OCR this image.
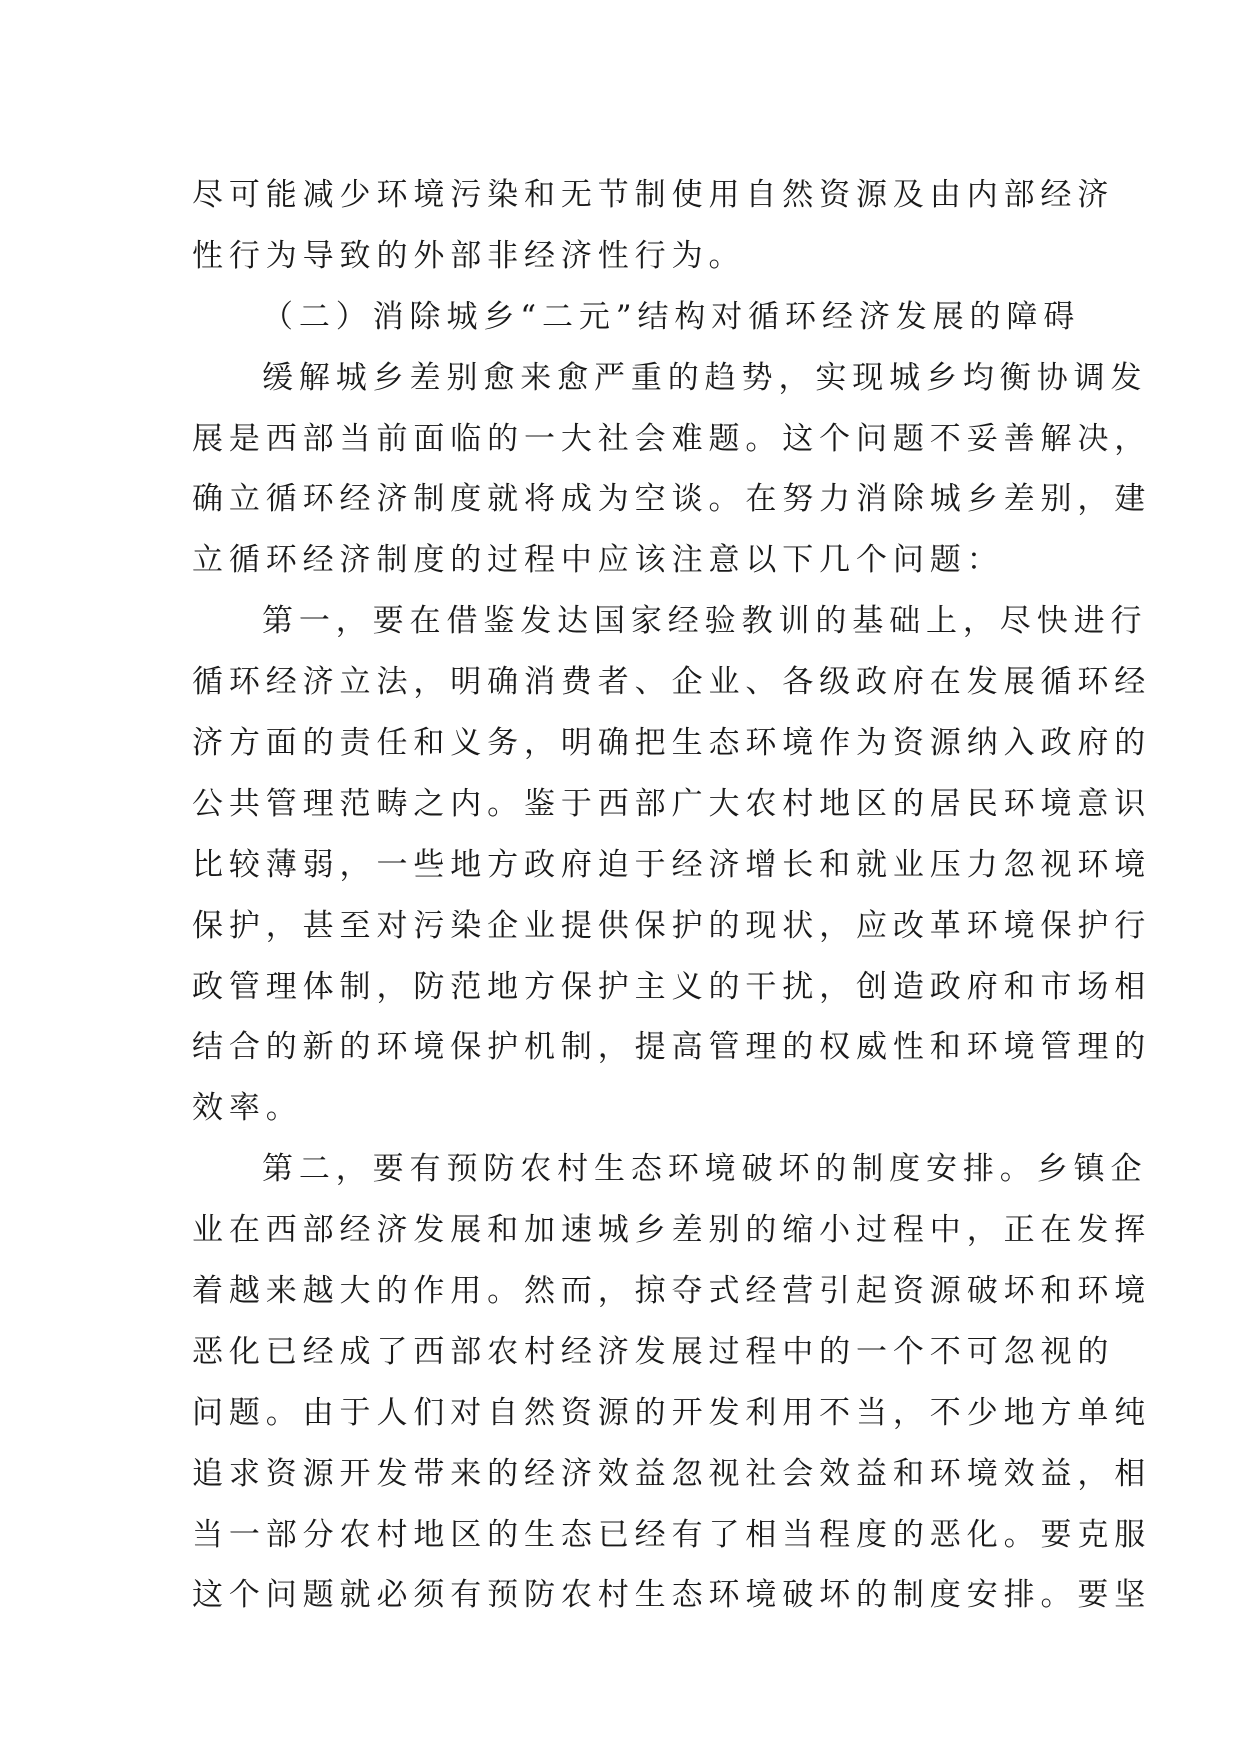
尽可能减少环境污染和无节制使用自然资源及由内部经济
性行为导致的外部非经济性行为。
（二）消除城乡“二元”结构对循环经济发展的障碍
缓解城乡差别愈来愈严重的趋势，实现城乡均衡协调发
展是西部当前面临的一大社会难题。这个问题不妥善解决，
确立循环经济制度就将成为空谈。在努力消除城乡差别，建
立循环经济制度的过程中应该注意以下几个问题：
第一，要在借鉴发达国家经验教训的基础上，尽快进行
循环经济立法，明确消费者、企业、各级政府在发展循环经
济方面的责任和义务，明确把生态环境作为资源纳入政府的
公共管理范畴之内。鉴于西部广大农村地区的居民环境意识
比较薄弱，一些地方政府迫于经济增长和就业压力忽视环境
保护，甚至对污染企业提供保护的现状，应改革环境保护行
政管理体制，防范地方保护主义的干扰，创造政府和市场相
结合的新的环境保护机制，提高管理的权威性和环境管理的
效率。
第二，要有预防农村生态环境破坏的制度安排。乡镇企
业在西部经济发展和加速城乡差别的缩小过程中，正在发挥
着越来越大的作用。然而，掠夺式经营引起资源破坏和环境
恶化已经成了西部农村经济发展过程中的一个不可忽视的
问题。由于人们对自然资源的开发利用不当，不少地方单纯
追求资源开发带来的经济效益忽视社会效益和环境效益，相
当一部分农村地区的生态已经有了相当程度的恶化。要克服
这个问题就必须有预防农村生态环境破坏的制度安排。要坚
